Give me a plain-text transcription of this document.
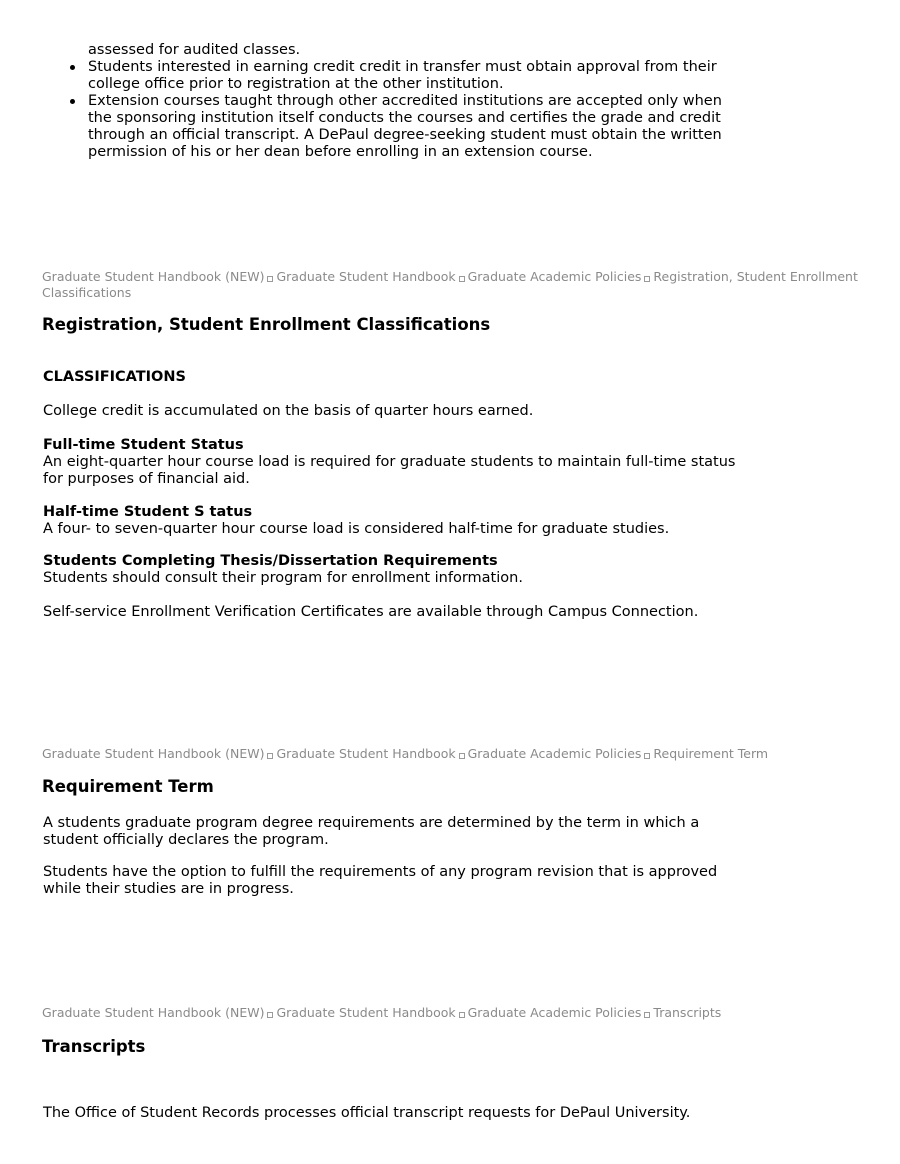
assessed for audited classes.

Students interested in earning credit credit in transfer must obtain approval from their college office prior to registration at the other institution.
Extension courses taught through other accredited institutions are accepted only when the sponsoring institution itself conducts the courses and certifies the grade and credit through an official transcript. A DePaul degree-seeking student must obtain the written permission of his or her dean before enrolling in an extension course.
Graduate Student Handbook (NEW) Graduate Student Handbook Graduate Academic Policies Registration, Student Enrollment Classifications
Registration, Student Enrollment Classifications
CLASSIFICATIONS

College credit is accumulated on the basis of quarter hours earned.

Full-time Student Status
An eight-quarter hour course load is required for graduate students to maintain full-time status for purposes of financial aid.
Half-time Student S tatus
A four- to seven-quarter hour course load is considered half-time for graduate studies.
Students Completing Thesis/Dissertation Requirements
Students should consult their program for enrollment information.

Self-service Enrollment Verification Certificates are available through Campus Connection.

Graduate Student Handbook (NEW) Graduate Student Handbook Graduate Academic Policies Requirement Term
Requirement Term

A students graduate program degree requirements are determined by the term in which a student officially declares the program.

Students have the option to fulfill the requirements of any program revision that is approved while their studies are in progress.

Graduate Student Handbook (NEW) Graduate Student Handbook Graduate Academic Policies Transcripts
Transcripts

The Office of Student Records processes official transcript requests for DePaul University.
